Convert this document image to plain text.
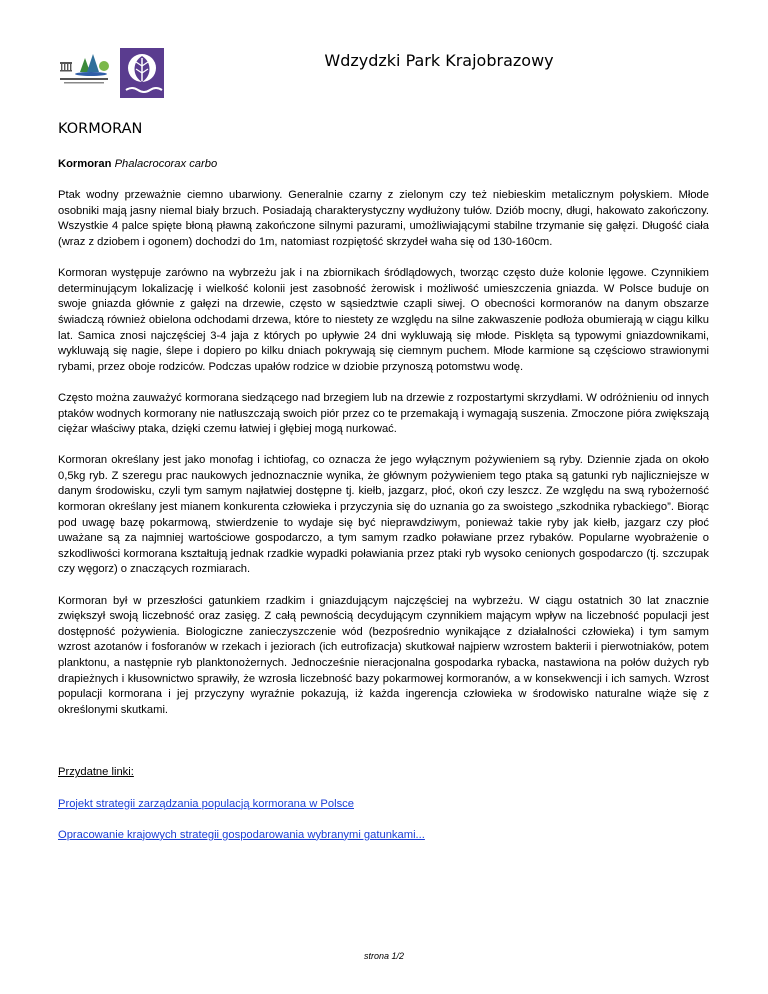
Wdzydzki Park Krajobrazowy
KORMORAN
Kormoran Phalacrocorax carbo

Ptak wodny przeważnie ciemno ubarwiony. Generalnie czarny z zielonym czy też niebieskim metalicznym połyskiem. Młode osobniki mają jasny niemal biały brzuch. Posiadają charakterystyczny wydłużony tułów. Dziób mocny, długi, hakowato zakończony. Wszystkie 4 palce spięte błoną pławną zakończone silnymi pazurami, umożliwiającymi stabilne trzymanie się gałęzi. Długość ciała (wraz z dziobem i ogonem) dochodzi do 1m, natomiast rozpiętość skrzydeł waha się od 130-160cm.

Kormoran występuje zarówno na wybrzeżu jak i na zbiornikach śródlądowych, tworząc często duże kolonie lęgowe. Czynnikiem determinującym lokalizację i wielkość kolonii jest zasobność żerowisk i możliwość umieszczenia gniazda. W Polsce buduje on swoje gniazda głównie z gałęzi na drzewie, często w sąsiedztwie czapli siwej. O obecności kormoranów na danym obszarze świadczą również obielona odchodami drzewa, które to niestety ze względu na silne zakwaszenie podłoża obumierają w ciągu kilku lat. Samica znosi najczęściej 3-4 jaja z których po upływie 24 dni wykluwają się młode. Pisklęta są typowymi gniazdownikami, wykluwają się nagie, ślepe i dopiero po kilku dniach pokrywają się ciemnym puchem. Młode karmione są częściowo strawionymi rybami, przez oboje rodziców. Podczas upałów rodzice w dziobie przynoszą potomstwu wodę.

Często można zauważyć kormorana siedzącego nad brzegiem lub na drzewie z rozpostartymi skrzydłami. W odróżnieniu od innych ptaków wodnych kormorany nie natłuszczają swoich piór przez co te przemakają i wymagają suszenia. Zmoczone pióra zwiększają ciężar właściwy ptaka, dzięki czemu łatwiej i głębiej mogą nurkować.

Kormoran określany jest jako monofag i ichtiofag, co oznacza że jego wyłącznym pożywieniem są ryby. Dziennie zjada on około 0,5kg ryb. Z szeregu prac naukowych jednoznacznie wynika, że głównym pożywieniem tego ptaka są gatunki ryb najliczniejsze w danym środowisku, czyli tym samym najłatwiej dostępne tj. kiełb, jazgarz, płoć, okoń czy leszcz. Ze względu na swą rybożerność kormoran określany jest mianem konkurenta człowieka i przyczynia się do uznania go za swoistego „szkodnika rybackiego”. Biorąc pod uwagę bazę pokarmową, stwierdzenie to wydaje się być nieprawdziwym, ponieważ takie ryby jak kiełb, jazgarz czy płoć uważane są za najmniej wartościowe gospodarczo, a tym samym rzadko poławiane przez rybaków. Popularne wyobrażenie o szkodliwości kormorana kształtują jednak rzadkie wypadki poławiania przez ptaki ryb wysoko cenionych gospodarczo (tj. szczupak czy węgorz) o znaczących rozmiarach.

Kormoran był w przeszłości gatunkiem rzadkim i gniazdującym najczęściej na wybrzeżu. W ciągu ostatnich 30 lat znacznie zwiększył swoją liczebność oraz zasięg. Z całą pewnością decydującym czynnikiem mającym wpływ na liczebność populacji jest dostępność pożywienia. Biologiczne zanieczyszczenie wód (bezpośrednio wynikające z działalności człowieka) i tym samym wzrost azotanów i fosforanów w rzekach i jeziorach (ich eutrofizacja) skutkował najpierw wzrostem bakterii i pierwotniaków, potem planktonu, a następnie ryb planktonożernych. Jednocześnie nieracjonalna gospodarka rybacka, nastawiona na połów dużych ryb drapieżnych i kłusownictwo sprawiły, że wzrosła liczebność bazy pokarmowej kormoranów, a w konsekwencji i ich samych. Wzrost populacji kormorana i jej przyczyny wyraźnie pokazują, iż każda ingerencja człowieka w środowisko naturalne wiąże się z określonymi skutkami.

Przydatne linki:

Projekt strategii zarządzania populacją kormorana w Polsce
Opracowanie krajowych strategii gospodarowania wybranymi gatunkami...
strona 1/2
